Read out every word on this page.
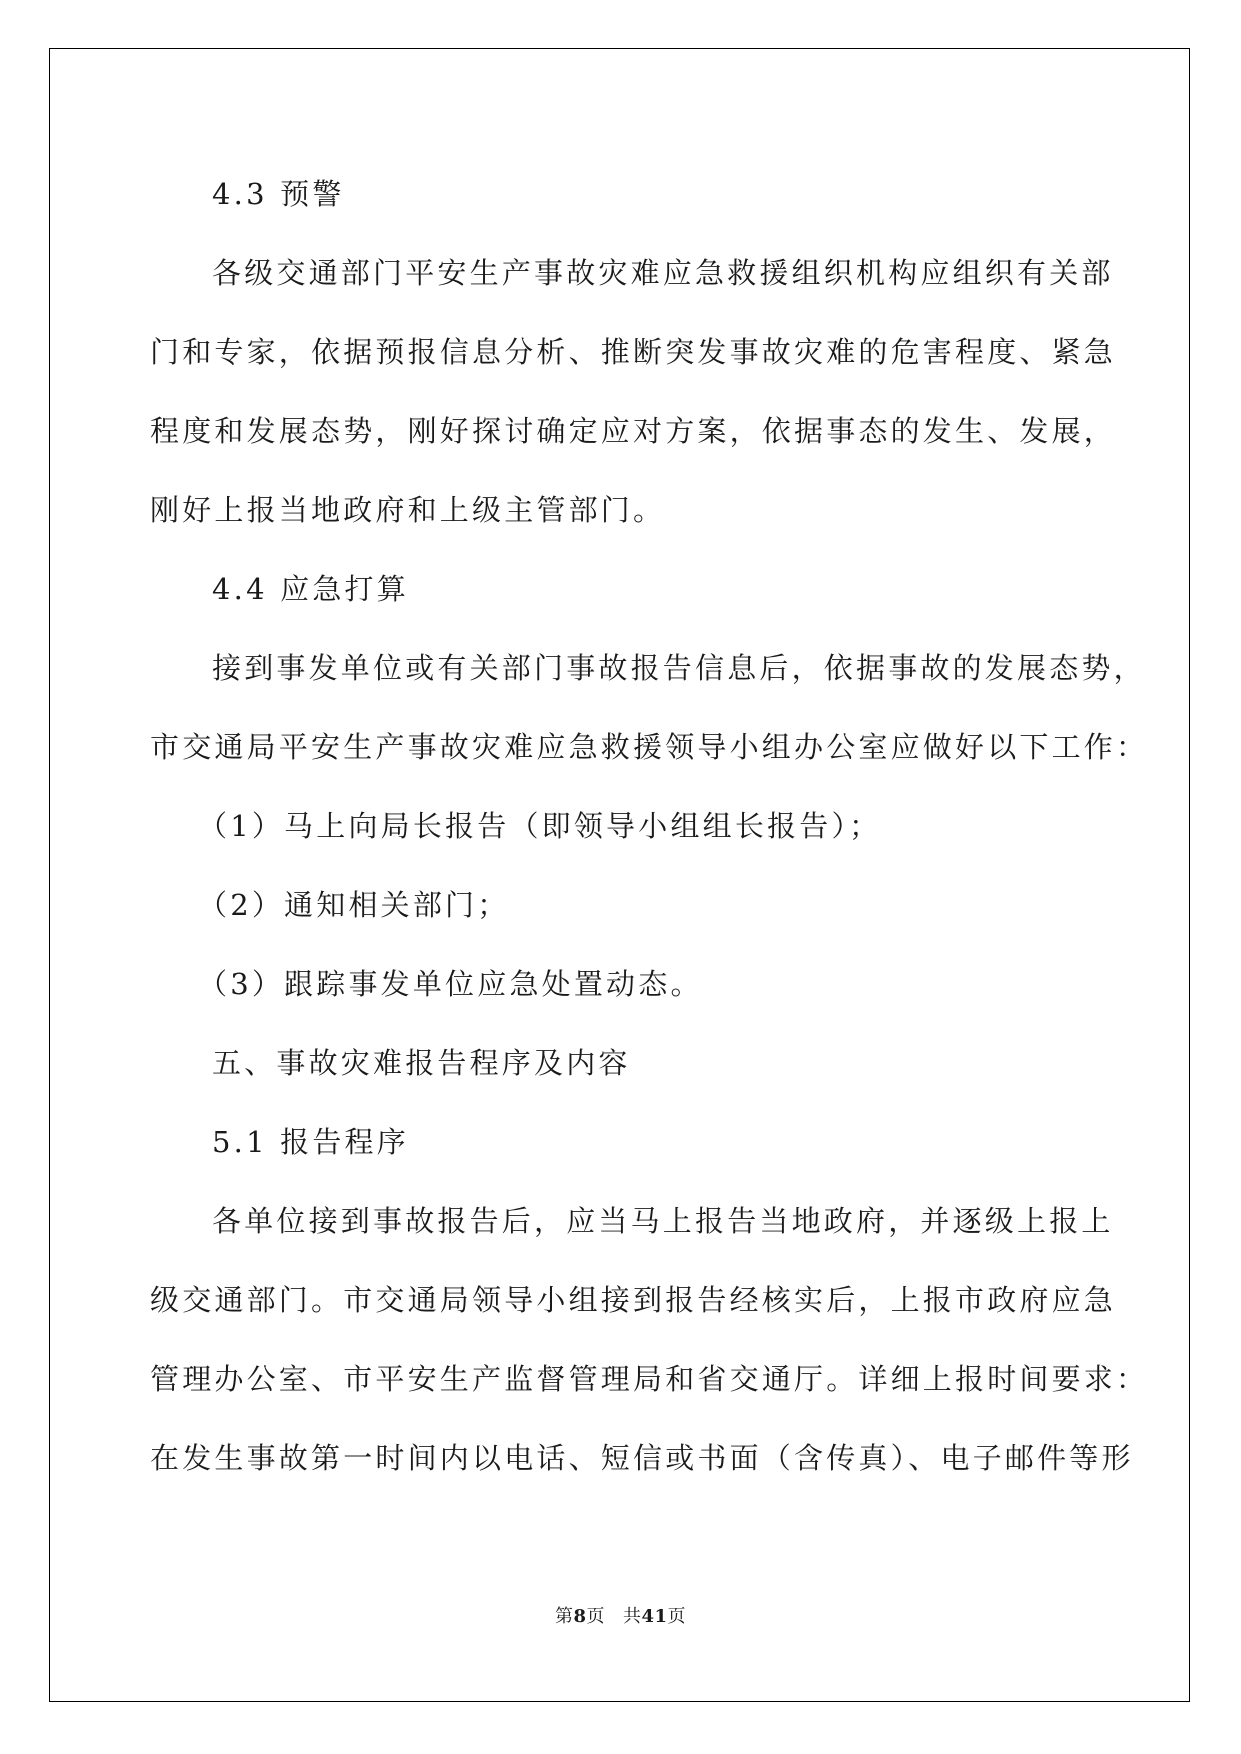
4.3 预警

各级交通部门平安生产事故灾难应急救援组织机构应组织有关部

门和专家，依据预报信息分析、推断突发事故灾难的危害程度、紧急

程度和发展态势，刚好探讨确定应对方案，依据事态的发生、发展，

刚好上报当地政府和上级主管部门。

4.4 应急打算

接到事发单位或有关部门事故报告信息后，依据事故的发展态势，

市交通局平安生产事故灾难应急救援领导小组办公室应做好以下工作：

（1）马上向局长报告（即领导小组组长报告）；

（2）通知相关部门；

（3）跟踪事发单位应急处置动态。

五、事故灾难报告程序及内容

5.1 报告程序

各单位接到事故报告后，应当马上报告当地政府，并逐级上报上

级交通部门。市交通局领导小组接到报告经核实后，上报市政府应急

管理办公室、市平安生产监督管理局和省交通厅。详细上报时间要求：

在发生事故第一时间内以电话、短信或书面（含传真）、电子邮件等形

第8页 共41页
